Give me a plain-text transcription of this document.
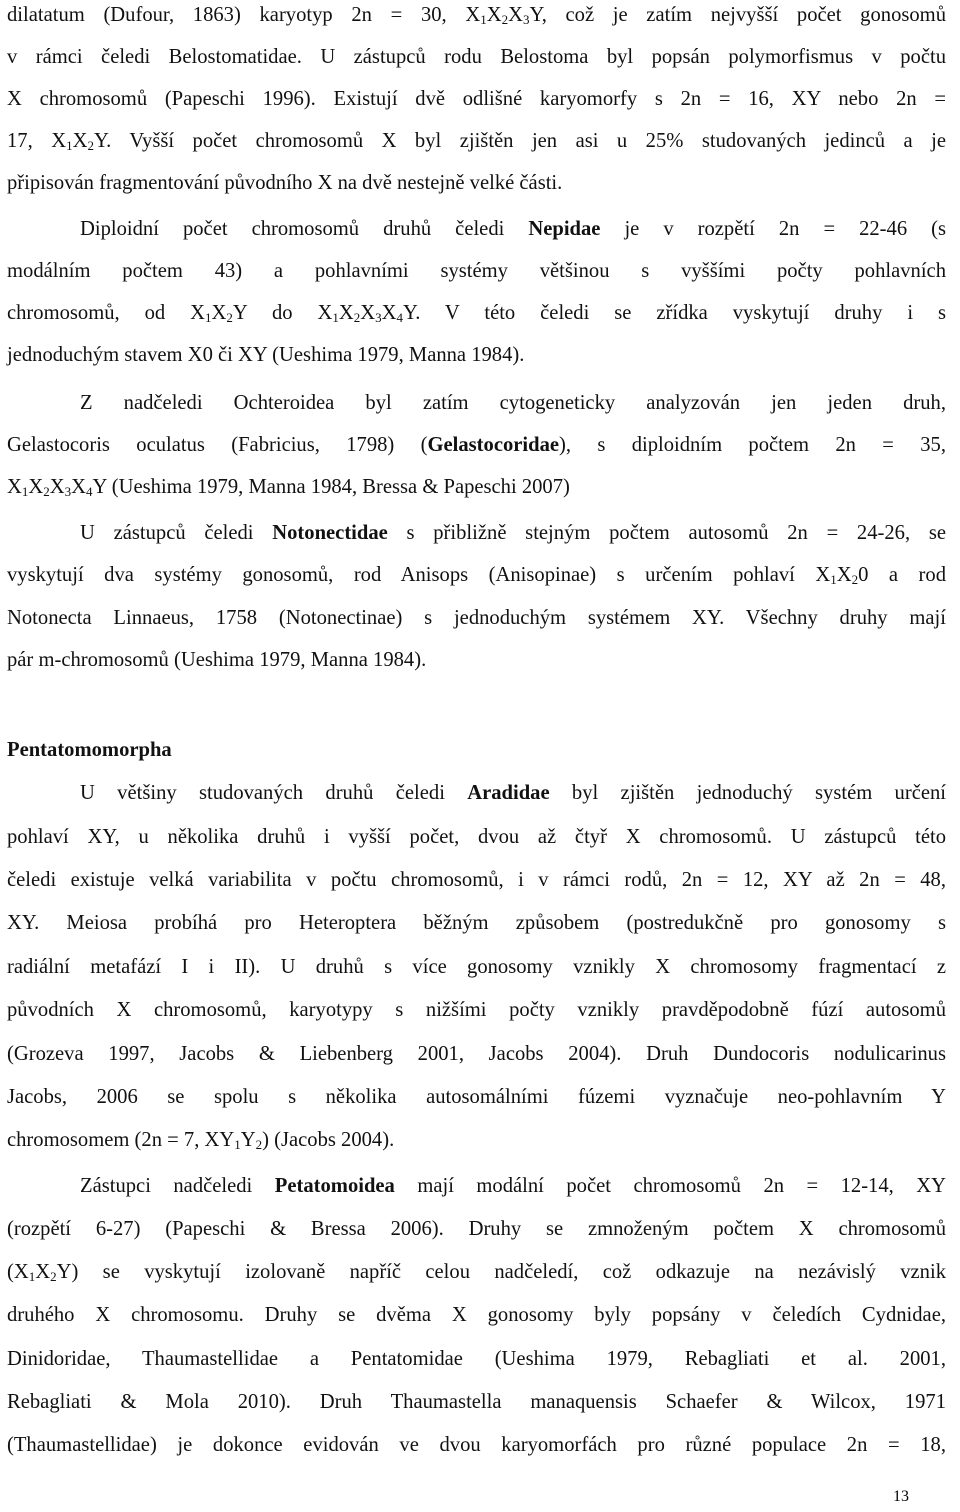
dilatatum (Dufour, 1863) karyotyp 2n = 30, $X_1X_2X_3Y$, což je zatím nejvyšší počet gonosomů
v rámci čeledi Belostomatidae. U zástupců rodu Belostoma byl popsán polymorfismus v počtu
X chromosomů (Papeschi 1996). Existují dvě odlišné karyomorfy s 2n = 16, XY nebo 2n =
17, $X_1X_2Y$. Vyšší počet chromosomů X byl zjištěn jen asi u 25% studovaných jedinců a je
připisován fragmentování původního X na dvě nestejně velké části.
Diploidní počet chromosomů druhů čeledi Nepidae je v rozpětí 2n = 22-46 (s
modálním počtem 43) a pohlavními systémy většinou s vyššími počty pohlavních
chromosomů, od $X_1X_2Y$ do $X_1X_2X_3X_4Y$. V této čeledi se zřídka vyskytují druhy i s
jednoduchým stavem X0 či XY (Ueshima 1979, Manna 1984).
Z nadčeledi Ochteroidea byl zatím cytogeneticky analyzován jen jeden druh,
Gelastocoris oculatus (Fabricius, 1798) (Gelastocoridae), s diploidním počtem 2n = 35,
$X_1X_2X_3X_4Y$ (Ueshima 1979, Manna 1984, Bressa & Papeschi 2007)
U zástupců čeledi Notonectidae s přibližně stejným počtem autosomů 2n = 24-26, se
vyskytují dva systémy gonosomů, rod Anisops (Anisopinae) s určením pohlaví $X_1X_20$ a rod
Notonecta Linnaeus, 1758 (Notonectinae) s jednoduchým systémem XY. Všechny druhy mají
pár m-chromosomů (Ueshima 1979, Manna 1984).
Pentatomomorpha
U většiny studovaných druhů čeledi Aradidae byl zjištěn jednoduchý systém určení
pohlaví XY, u několika druhů i vyšší počet, dvou až čtyř X chromosomů. U zástupců této
čeledi existuje velká variabilita v počtu chromosomů, i v rámci rodů, 2n = 12, XY až 2n = 48,
XY. Meiosa probíhá pro Heteroptera běžným způsobem (postredukčně pro gonosomy s
radiální metafází I i II). U druhů s více gonosomy vznikly X chromosomy fragmentací z
původních X chromosomů, karyotypy s nižšími počty vznikly pravděpodobně fúzí autosomů
(Grozeva 1997, Jacobs & Liebenberg 2001, Jacobs 2004). Druh Dundocoris nodulicarinus
Jacobs, 2006 se spolu s několika autosomálními fúzemi vyznačuje neo-pohlavním Y
chromosomem (2n = 7, $XY_1Y_2$) (Jacobs 2004).
Zástupci nadčeledi Petatomoidea mají modální počet chromosomů 2n = 12-14, XY
(rozpětí 6-27) (Papeschi & Bressa 2006). Druhy se zmnoženým počtem X chromosomů
$(X_1X_2Y)$ se vyskytují izolovaně napříč celou nadčeledí, což odkazuje na nezávislý vznik
druhého X chromosomu. Druhy se dvěma X gonosomy byly popsány v čeledích Cydnidae,
Dinidoridae, Thaumastellidae a Pentatomidae (Ueshima 1979, Rebagliati et al. 2001,
Rebagliati & Mola 2010). Druh Thaumastella manaquensis Schaefer & Wilcox, 1971
(Thaumastellidae) je dokonce evidován ve dvou karyomorfách pro různé populace 2n = 18,
13
